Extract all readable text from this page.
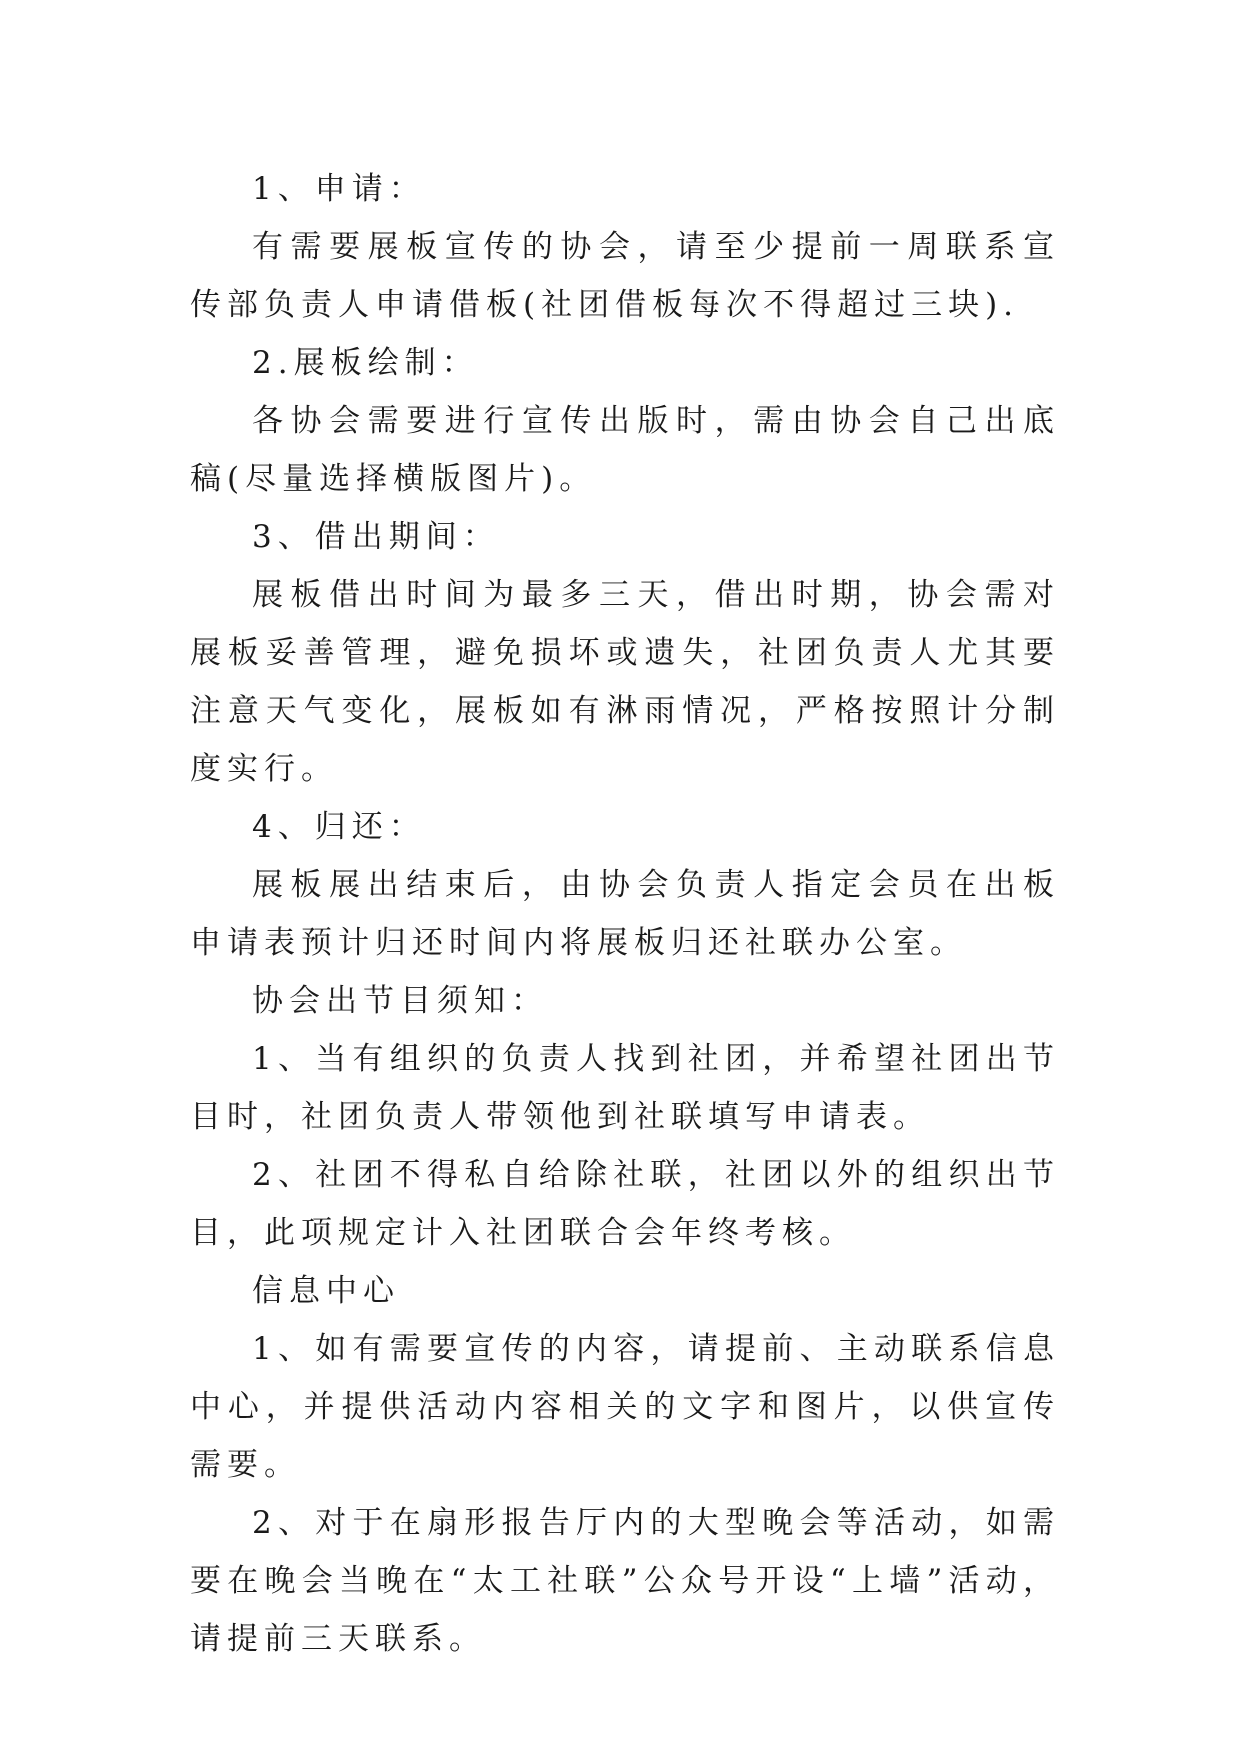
1、申请：

有需要展板宣传的协会，请至少提前一周联系宣传部负责人申请借板(社团借板每次不得超过三块).

2.展板绘制：

各协会需要进行宣传出版时，需由协会自己出底稿(尽量选择横版图片)。

3、借出期间：

展板借出时间为最多三天，借出时期，协会需对展板妥善管理，避免损坏或遗失，社团负责人尤其要注意天气变化，展板如有淋雨情况，严格按照计分制度实行。

4、归还：

展板展出结束后，由协会负责人指定会员在出板申请表预计归还时间内将展板归还社联办公室。

协会出节目须知：

1、当有组织的负责人找到社团，并希望社团出节目时，社团负责人带领他到社联填写申请表。

2、社团不得私自给除社联，社团以外的组织出节目，此项规定计入社团联合会年终考核。

信息中心

1、如有需要宣传的内容，请提前、主动联系信息中心，并提供活动内容相关的文字和图片，以供宣传需要。

2、对于在扇形报告厅内的大型晚会等活动，如需要在晚会当晚在“太工社联”公众号开设“上墙”活动，请提前三天联系。
